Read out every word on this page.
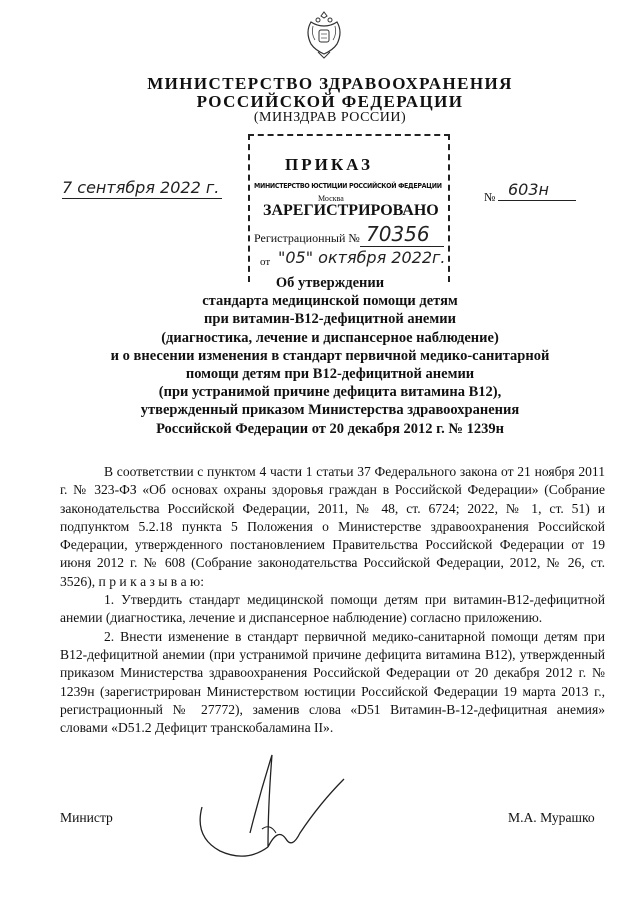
МИНИСТЕРСТВО ЗДРАВООХРАНЕНИЯ
РОССИЙСКОЙ ФЕДЕРАЦИИ
(МИНЗДРАВ РОССИИ)
МИНИСТЕРСТВО ЮСТИЦИИ РОССИЙСКОЙ ФЕДЕРАЦИИ
Москва
ЗАРЕГИСТРИРОВАНО
Регистрационный № 70356
от "05" октября 2022г.
ПРИКАЗ
7 сентября 2022 г.	№ 603н
Об утверждении
стандарта медицинской помощи детям
при витамин-В12-дефицитной анемии
(диагностика, лечение и диспансерное наблюдение)
и о внесении изменения в стандарт первичной медико-санитарной
помощи детям при В12-дефицитной анемии
(при устранимой причине дефицита витамина В12),
утвержденный приказом Министерства здравоохранения
Российской Федерации от 20 декабря 2012 г. № 1239н

В соответствии с пунктом 4 части 1 статьи 37 Федерального закона от 21 ноября 2011 г. № 323-ФЗ «Об основах охраны здоровья граждан в Российской Федерации» (Собрание законодательства Российской Федерации, 2011, № 48, ст. 6724; 2022, № 1, ст. 51) и подпунктом 5.2.18 пункта 5 Положения о Министерстве здравоохранения Российской Федерации, утвержденного постановлением Правительства Российской Федерации от 19 июня 2012 г. № 608 (Собрание законодательства Российской Федерации, 2012, № 26, ст. 3526), п р и к а з ы в а ю:

1. Утвердить стандарт медицинской помощи детям при витамин-В12-дефицитной анемии (диагностика, лечение и диспансерное наблюдение) согласно приложению.

2. Внести изменение в стандарт первичной медико-санитарной помощи детям при В12-дефицитной анемии (при устранимой причине дефицита витамина В12), утвержденный приказом Министерства здравоохранения Российской Федерации от 20 декабря 2012 г. № 1239н (зарегистрирован Министерством юстиции Российской Федерации 19 марта 2013 г., регистрационный № 27772), заменив слова «D51 Витамин-В-12-дефицитная анемия» словами «D51.2 Дефицит транскобаламина II».

Министр	М.А. Мурашко
